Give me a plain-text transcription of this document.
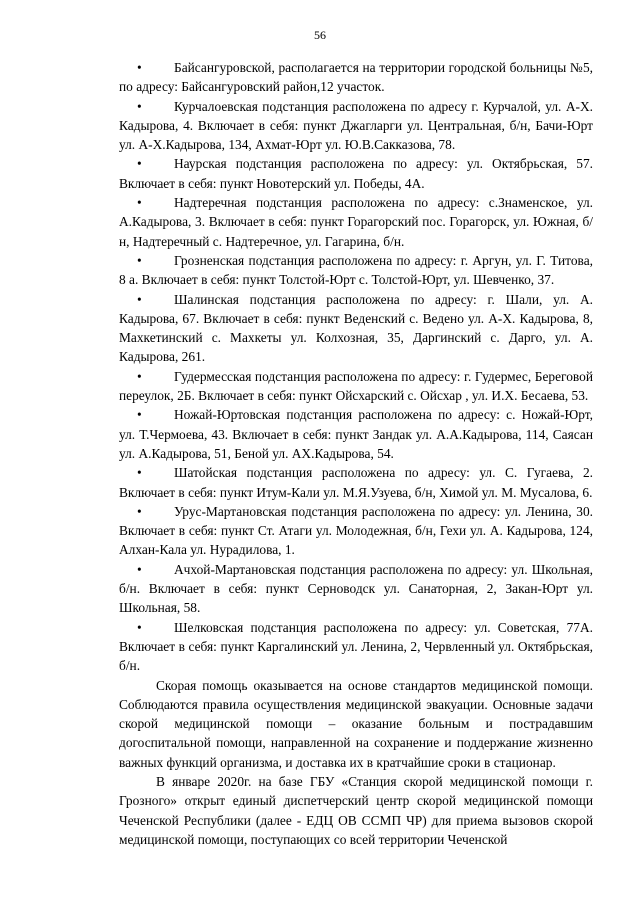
56

• Байсангуровской, располагается на территории городской больницы №5, по адресу: Байсангуровский район,12 участок.

• Курчалоевская подстанция расположена по адресу г. Курчалой, ул. А-Х. Кадырова, 4. Включает в себя: пункт Джагларги ул. Центральная, б/н, Бачи-Юрт ул. А-Х.Кадырова, 134, Ахмат-Юрт ул. Ю.В.Сакказова, 78.

• Наурская подстанция расположена по адресу: ул. Октябрьская, 57. Включает в себя: пункт Новотерский ул. Победы, 4А.

• Надтеречная подстанция расположена по адресу: с.Знаменское, ул. А.Кадырова, 3. Включает в себя: пункт Горагорский пос. Горагорск, ул. Южная, б/н, Надтеречный с. Надтеречное, ул. Гагарина, б/н.

• Грозненская подстанция расположена по адресу: г. Аргун, ул. Г. Титова, 8 а. Включает в себя: пункт Толстой-Юрт с. Толстой-Юрт, ул. Шевченко, 37.

• Шалинская подстанция расположена по адресу: г. Шали, ул. А. Кадырова, 67. Включает в себя: пункт Веденский с. Ведено ул. А-Х. Кадырова, 8, Махкетинский с. Махкеты ул. Колхозная, 35, Даргинский с. Дарго, ул. А. Кадырова, 261.

• Гудермесская подстанция расположена по адресу: г. Гудермес, Береговой переулок, 2Б. Включает в себя: пункт Ойсхарский с. Ойсхар , ул. И.Х. Бесаева, 53.

• Ножай-Юртовская подстанция расположена по адресу: с. Ножай-Юрт, ул. Т.Чермоева, 43. Включает в себя: пункт Зандак ул. А.А.Кадырова, 114, Саясан ул. А.Кадырова, 51, Беной ул. АХ.Кадырова, 54.

• Шатойская подстанция расположена по адресу: ул. С. Гугаева, 2. Включает в себя: пункт Итум-Кали ул. М.Я.Узуева, б/н, Химой ул. М. Мусалова, 6.

• Урус-Мартановская подстанция расположена по адресу: ул. Ленина, 30. Включает в себя: пункт Ст. Атаги ул. Молодежная, б/н, Гехи ул. А. Кадырова, 124, Алхан-Кала ул. Нурадилова, 1.

• Ачхой-Мартановская подстанция расположена по адресу: ул. Школьная, б/н. Включает в себя: пункт Серноводск ул. Санаторная, 2, Закан-Юрт ул. Школьная, 58.

• Шелковская подстанция расположена по адресу: ул. Советская, 77А. Включает в себя: пункт Каргалинский ул. Ленина, 2, Червленный ул. Октябрьская, б/н.

Скорая помощь оказывается на основе стандартов медицинской помощи. Соблюдаются правила осуществления медицинской эвакуации. Основные задачи скорой медицинской помощи – оказание больным и пострадавшим догоспитальной помощи, направленной на сохранение и поддержание жизненно важных функций организма, и доставка их в кратчайшие сроки в стационар.

В январе 2020г. на базе ГБУ «Станция скорой медицинской помощи г. Грозного» открыт единый диспетчерский центр скорой медицинской помощи Чеченской Республики (далее - ЕДЦ ОВ ССМП ЧР) для приема вызовов скорой медицинской помощи, поступающих со всей территории Чеченской
